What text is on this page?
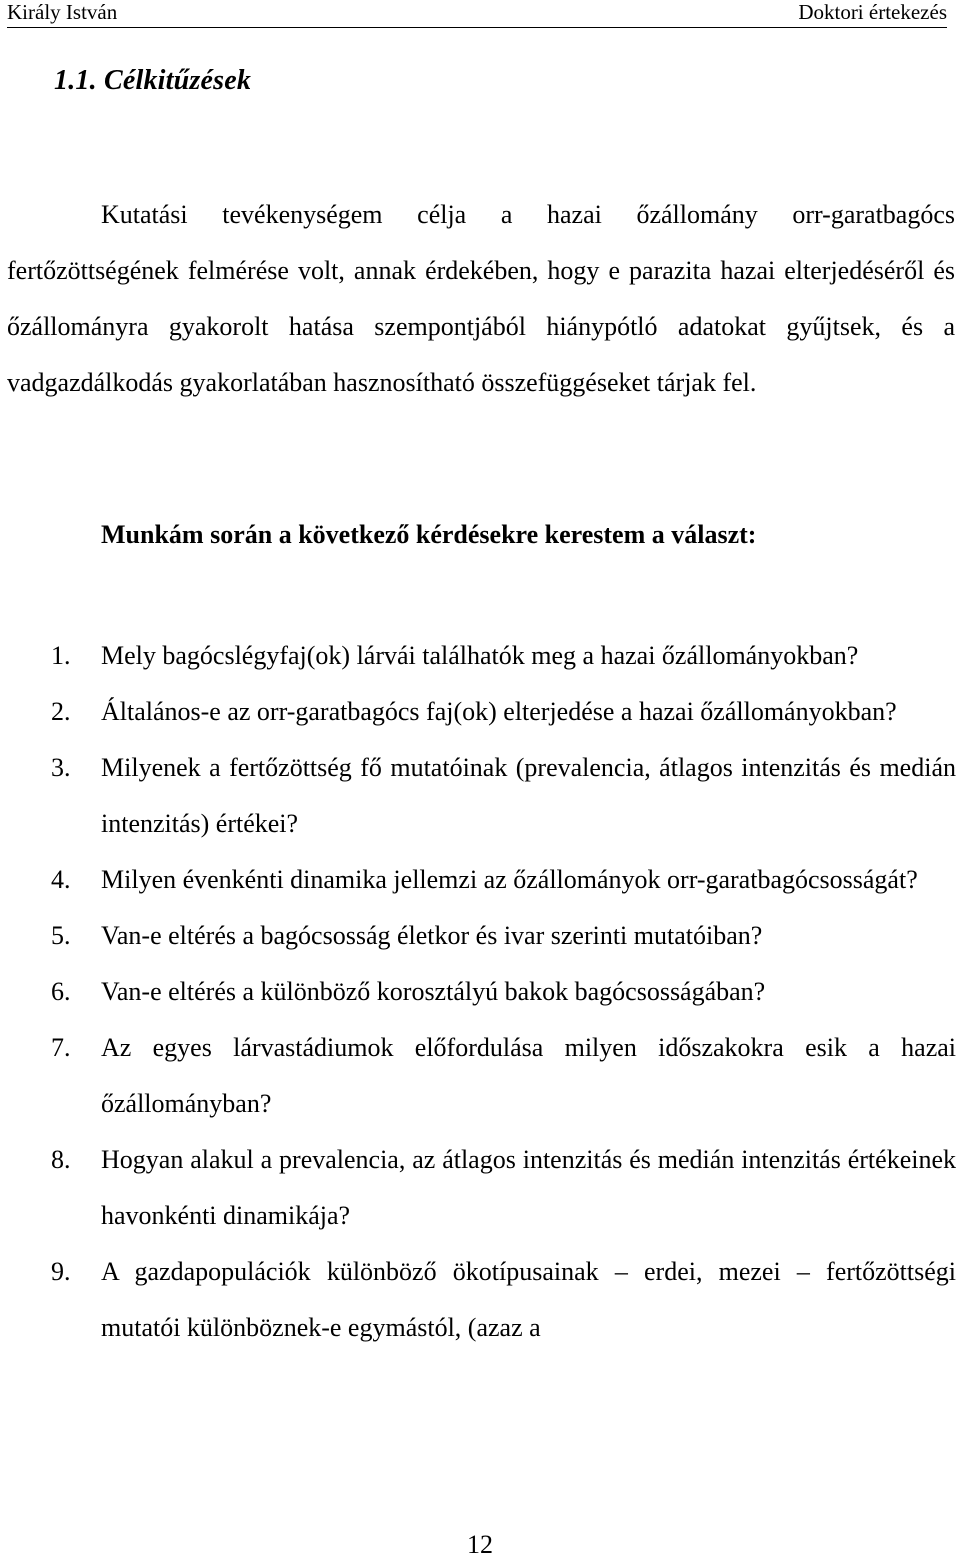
Király István	Doktori értekezés
1.1. Célkitűzések

Kutatási tevékenységem célja a hazai őzállomány orr-garatbagócs fertőzöttségének felmérése volt, annak érdekében, hogy e parazita hazai elterjedéséről és őzállományra gyakorolt hatása szempontjából hiánypótló adatokat gyűjtsek, és a vadgazdálkodás gyakorlatában hasznosítható összefüggéseket tárjak fel.

Munkám során a következő kérdésekre kerestem a választ:
1. Mely bagócslégyfaj(ok) lárvái találhatók meg a hazai őzállományokban?
2. Általános-e az orr-garatbagócs faj(ok) elterjedése a hazai őzállományokban?
3. Milyenek a fertőzöttség fő mutatóinak (prevalencia, átlagos intenzitás és medián intenzitás) értékei?
4. Milyen évenkénti dinamika jellemzi az őzállományok orr-garatbagócsosságát?
5. Van-e eltérés a bagócsosság életkor és ivar szerinti mutatóiban?
6. Van-e eltérés a különböző korosztályú bakok bagócsosságában?
7. Az egyes lárvastádiumok előfordulása milyen időszakokra esik a hazai őzállományban?
8. Hogyan alakul a prevalencia, az átlagos intenzitás és medián intenzitás értékeinek havonkénti dinamikája?
9. A gazdapopulációk különböző ökotípusainak – erdei, mezei – fertőzöttségi mutatói különböznek-e egymástól, (azaz a
12
